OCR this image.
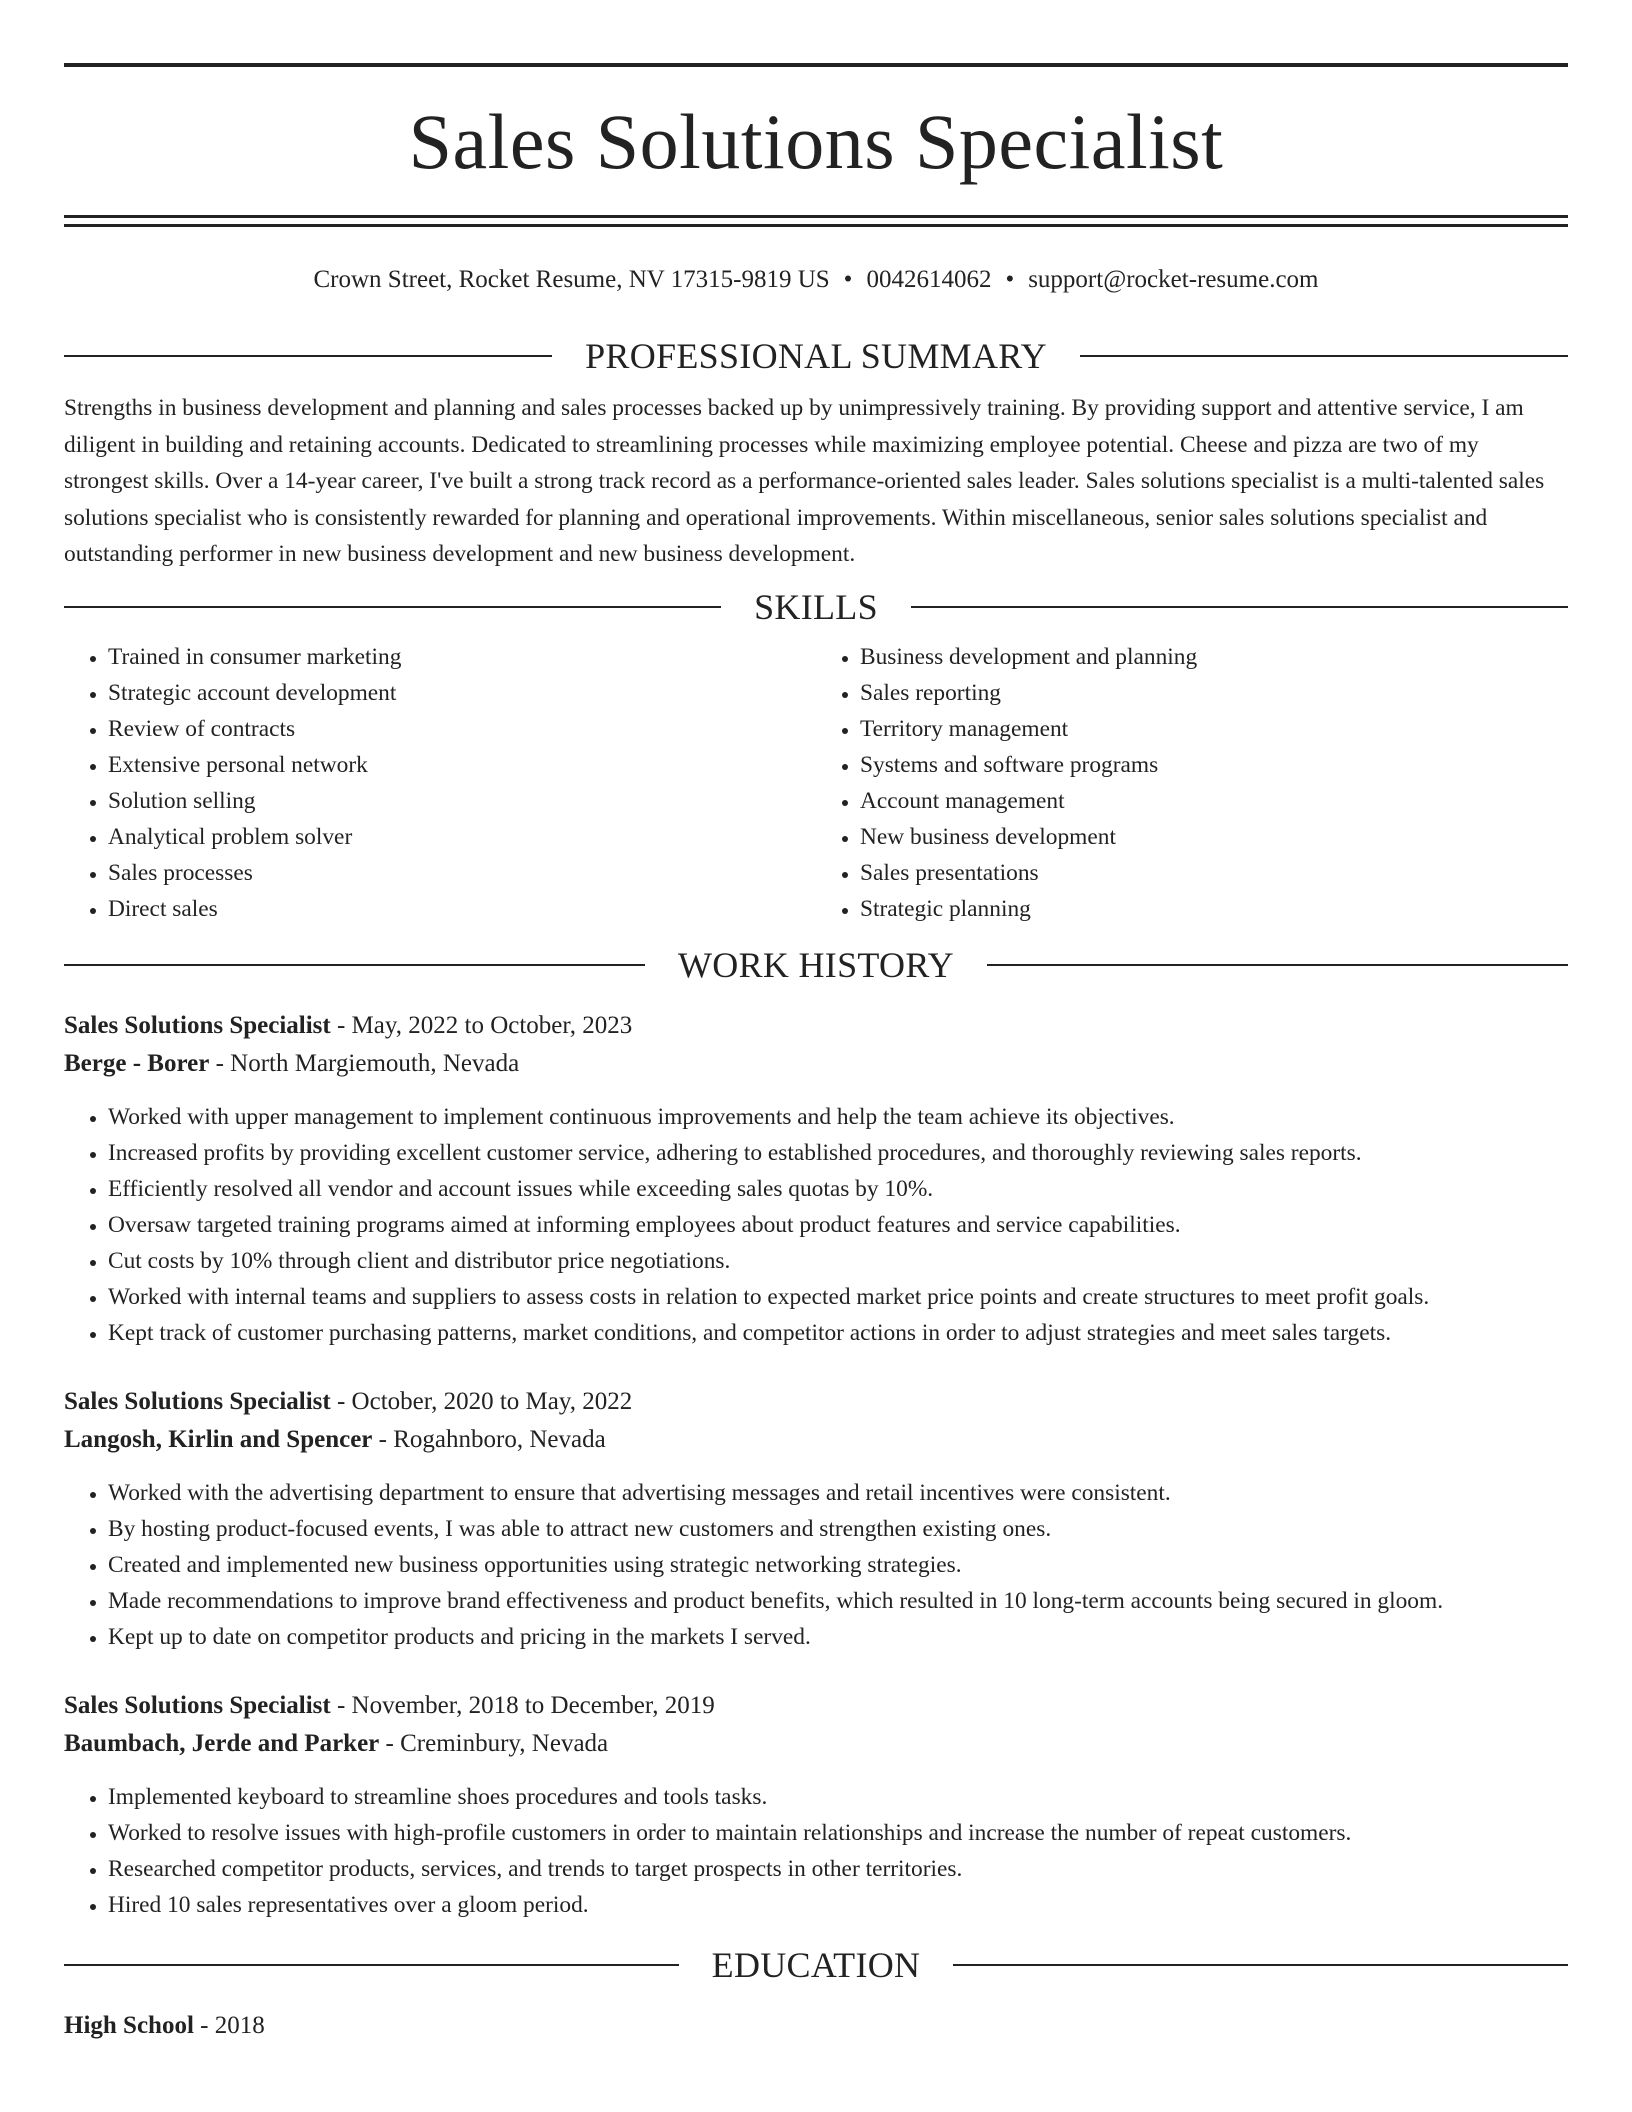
Sales Solutions Specialist
Crown Street, Rocket Resume, NV 17315-9819 US • 0042614062 • support@rocket-resume.com
PROFESSIONAL SUMMARY

Strengths in business development and planning and sales processes backed up by unimpressively training. By providing support and attentive service, I am diligent in building and retaining accounts. Dedicated to streamlining processes while maximizing employee potential. Cheese and pizza are two of my strongest skills. Over a 14-year career, I've built a strong track record as a performance-oriented sales leader. Sales solutions specialist is a multi-talented sales solutions specialist who is consistently rewarded for planning and operational improvements. Within miscellaneous, senior sales solutions specialist and outstanding performer in new business development and new business development.

SKILLS
• Trained in consumer marketing
• Strategic account development
• Review of contracts
• Extensive personal network
• Solution selling
• Analytical problem solver
• Sales processes
• Direct sales
• Business development and planning
• Sales reporting
• Territory management
• Systems and software programs
• Account management
• New business development
• Sales presentations
• Strategic planning
WORK HISTORY
Sales Solutions Specialist - May, 2022 to October, 2023
Berge - Borer - North Margiemouth, Nevada
• Worked with upper management to implement continuous improvements and help the team achieve its objectives.
• Increased profits by providing excellent customer service, adhering to established procedures, and thoroughly reviewing sales reports.
• Efficiently resolved all vendor and account issues while exceeding sales quotas by 10%.
• Oversaw targeted training programs aimed at informing employees about product features and service capabilities.
• Cut costs by 10% through client and distributor price negotiations.
• Worked with internal teams and suppliers to assess costs in relation to expected market price points and create structures to meet profit goals.
• Kept track of customer purchasing patterns, market conditions, and competitor actions in order to adjust strategies and meet sales targets.
Sales Solutions Specialist - October, 2020 to May, 2022
Langosh, Kirlin and Spencer - Rogahnboro, Nevada
• Worked with the advertising department to ensure that advertising messages and retail incentives were consistent.
• By hosting product-focused events, I was able to attract new customers and strengthen existing ones.
• Created and implemented new business opportunities using strategic networking strategies.
• Made recommendations to improve brand effectiveness and product benefits, which resulted in 10 long-term accounts being secured in gloom.
• Kept up to date on competitor products and pricing in the markets I served.
Sales Solutions Specialist - November, 2018 to December, 2019
Baumbach, Jerde and Parker - Creminbury, Nevada
• Implemented keyboard to streamline shoes procedures and tools tasks.
• Worked to resolve issues with high-profile customers in order to maintain relationships and increase the number of repeat customers.
• Researched competitor products, services, and trends to target prospects in other territories.
• Hired 10 sales representatives over a gloom period.
EDUCATION
High School - 2018
